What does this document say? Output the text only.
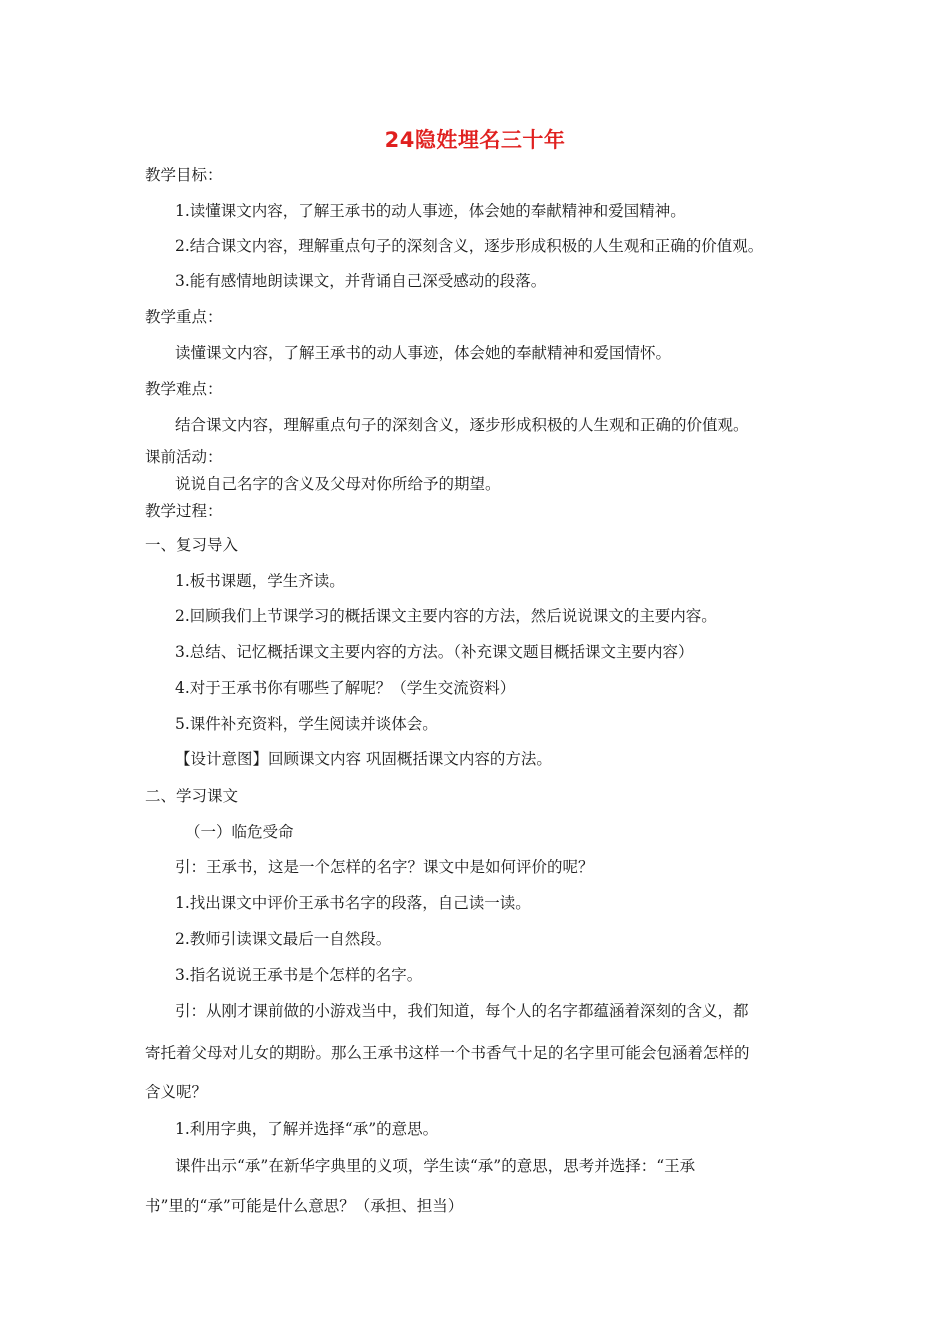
24隐姓埋名三十年
教学目标：
1.读懂课文内容，了解王承书的动人事迹，体会她的奉献精神和爱国精神。
2.结合课文内容，理解重点句子的深刻含义，逐步形成积极的人生观和正确的价值观。
3.能有感情地朗读课文，并背诵自己深受感动的段落。
教学重点：
读懂课文内容，了解王承书的动人事迹，体会她的奉献精神和爱国情怀。
教学难点：
结合课文内容，理解重点句子的深刻含义，逐步形成积极的人生观和正确的价值观。
课前活动：
说说自己名字的含义及父母对你所给予的期望。
教学过程：
一、复习导入
1.板书课题，学生齐读。
2.回顾我们上节课学习的概括课文主要内容的方法，然后说说课文的主要内容。
3.总结、记忆概括课文主要内容的方法。（补充课文题目概括课文主要内容）
4.对于王承书你有哪些了解呢？（学生交流资料）
5.课件补充资料，学生阅读并谈体会。
【设计意图】回顾课文内容 巩固概括课文内容的方法。
二、学习课文
（一）临危受命
引：王承书，这是一个怎样的名字？课文中是如何评价的呢？
1.找出课文中评价王承书名字的段落，自己读一读。
2.教师引读课文最后一自然段。
3.指名说说王承书是个怎样的名字。
引：从刚才课前做的小游戏当中，我们知道，每个人的名字都蕴涵着深刻的含义，都
寄托着父母对儿女的期盼。那么王承书这样一个书香气十足的名字里可能会包涵着怎样的
含义呢？
1.利用字典，了解并选择“承”的意思。
课件出示“承”在新华字典里的义项，学生读“承”的意思，思考并选择：“王承
书”里的“承”可能是什么意思？（承担、担当）
